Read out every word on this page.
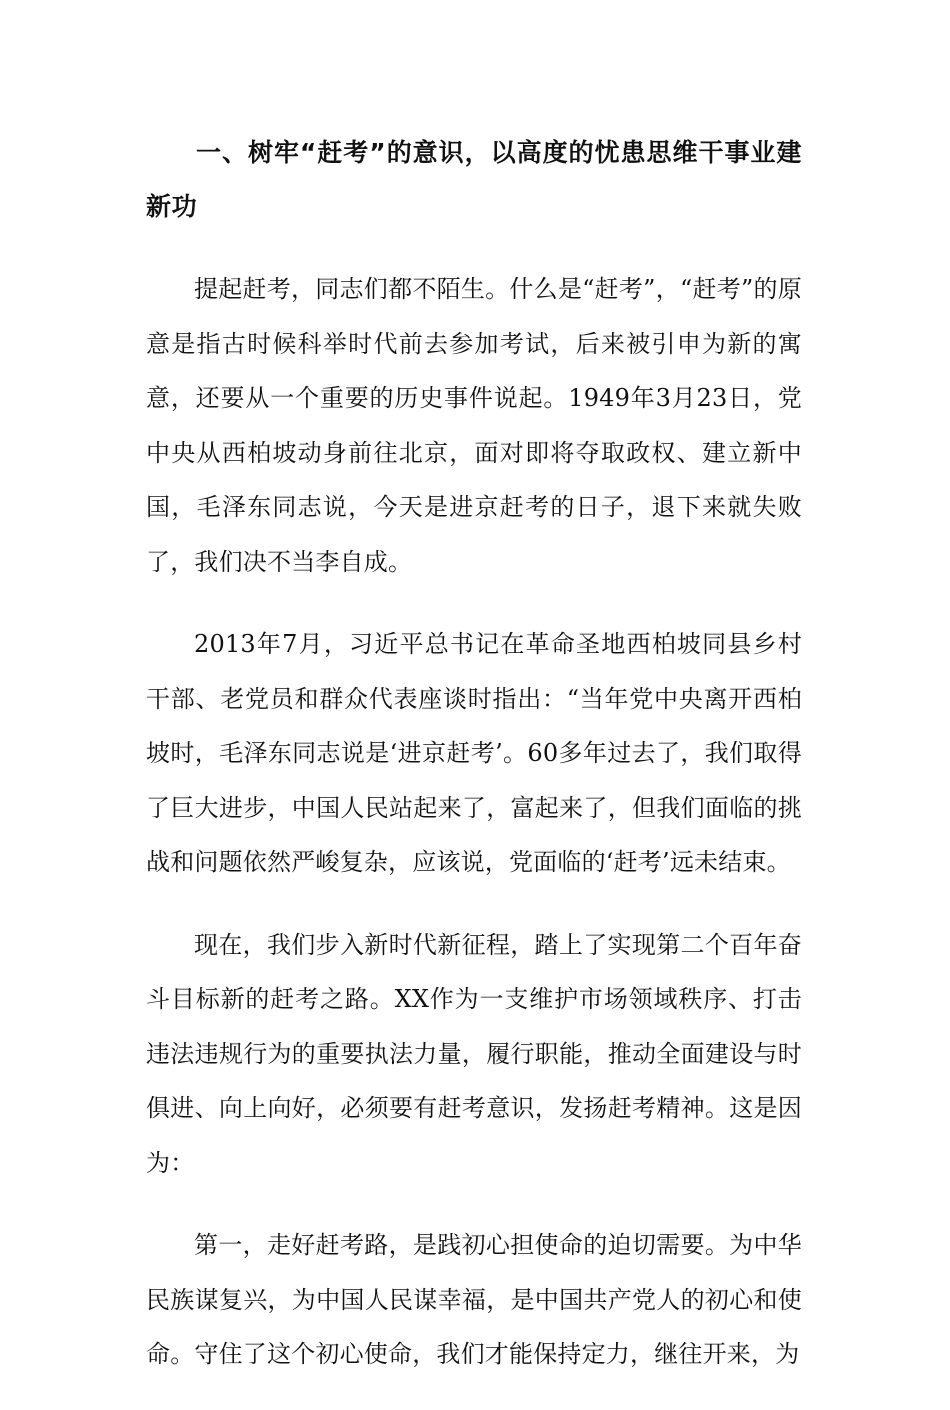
一、树牢“赶考”的意识，以高度的忧患思维干事业建新功

提起赶考，同志们都不陌生。什么是“赶考”，“赶考”的原意是指古时候科举时代前去参加考试，后来被引申为新的寓意，还要从一个重要的历史事件说起。1949年3月23日，党中央从西柏坡动身前往北京，面对即将夺取政权、建立新中国，毛泽东同志说，今天是进京赶考的日子，退下来就失败了，我们决不当李自成。

2013年7月，习近平总书记在革命圣地西柏坡同县乡村干部、老党员和群众代表座谈时指出：“当年党中央离开西柏坡时，毛泽东同志说是‘进京赶考’。60多年过去了，我们取得了巨大进步，中国人民站起来了，富起来了，但我们面临的挑战和问题依然严峻复杂，应该说，党面临的‘赶考’远未结束。

现在，我们步入新时代新征程，踏上了实现第二个百年奋斗目标新的赶考之路。XX作为一支维护市场领域秩序、打击违法违规行为的重要执法力量，履行职能，推动全面建设与时俱进、向上向好，必须要有赶考意识，发扬赶考精神。这是因为：

第一，走好赶考路，是践初心担使命的迫切需要。为中华民族谋复兴，为中国人民谋幸福，是中国共产党人的初心和使命。守住了这个初心使命，我们才能保持定力，继往开来，为
